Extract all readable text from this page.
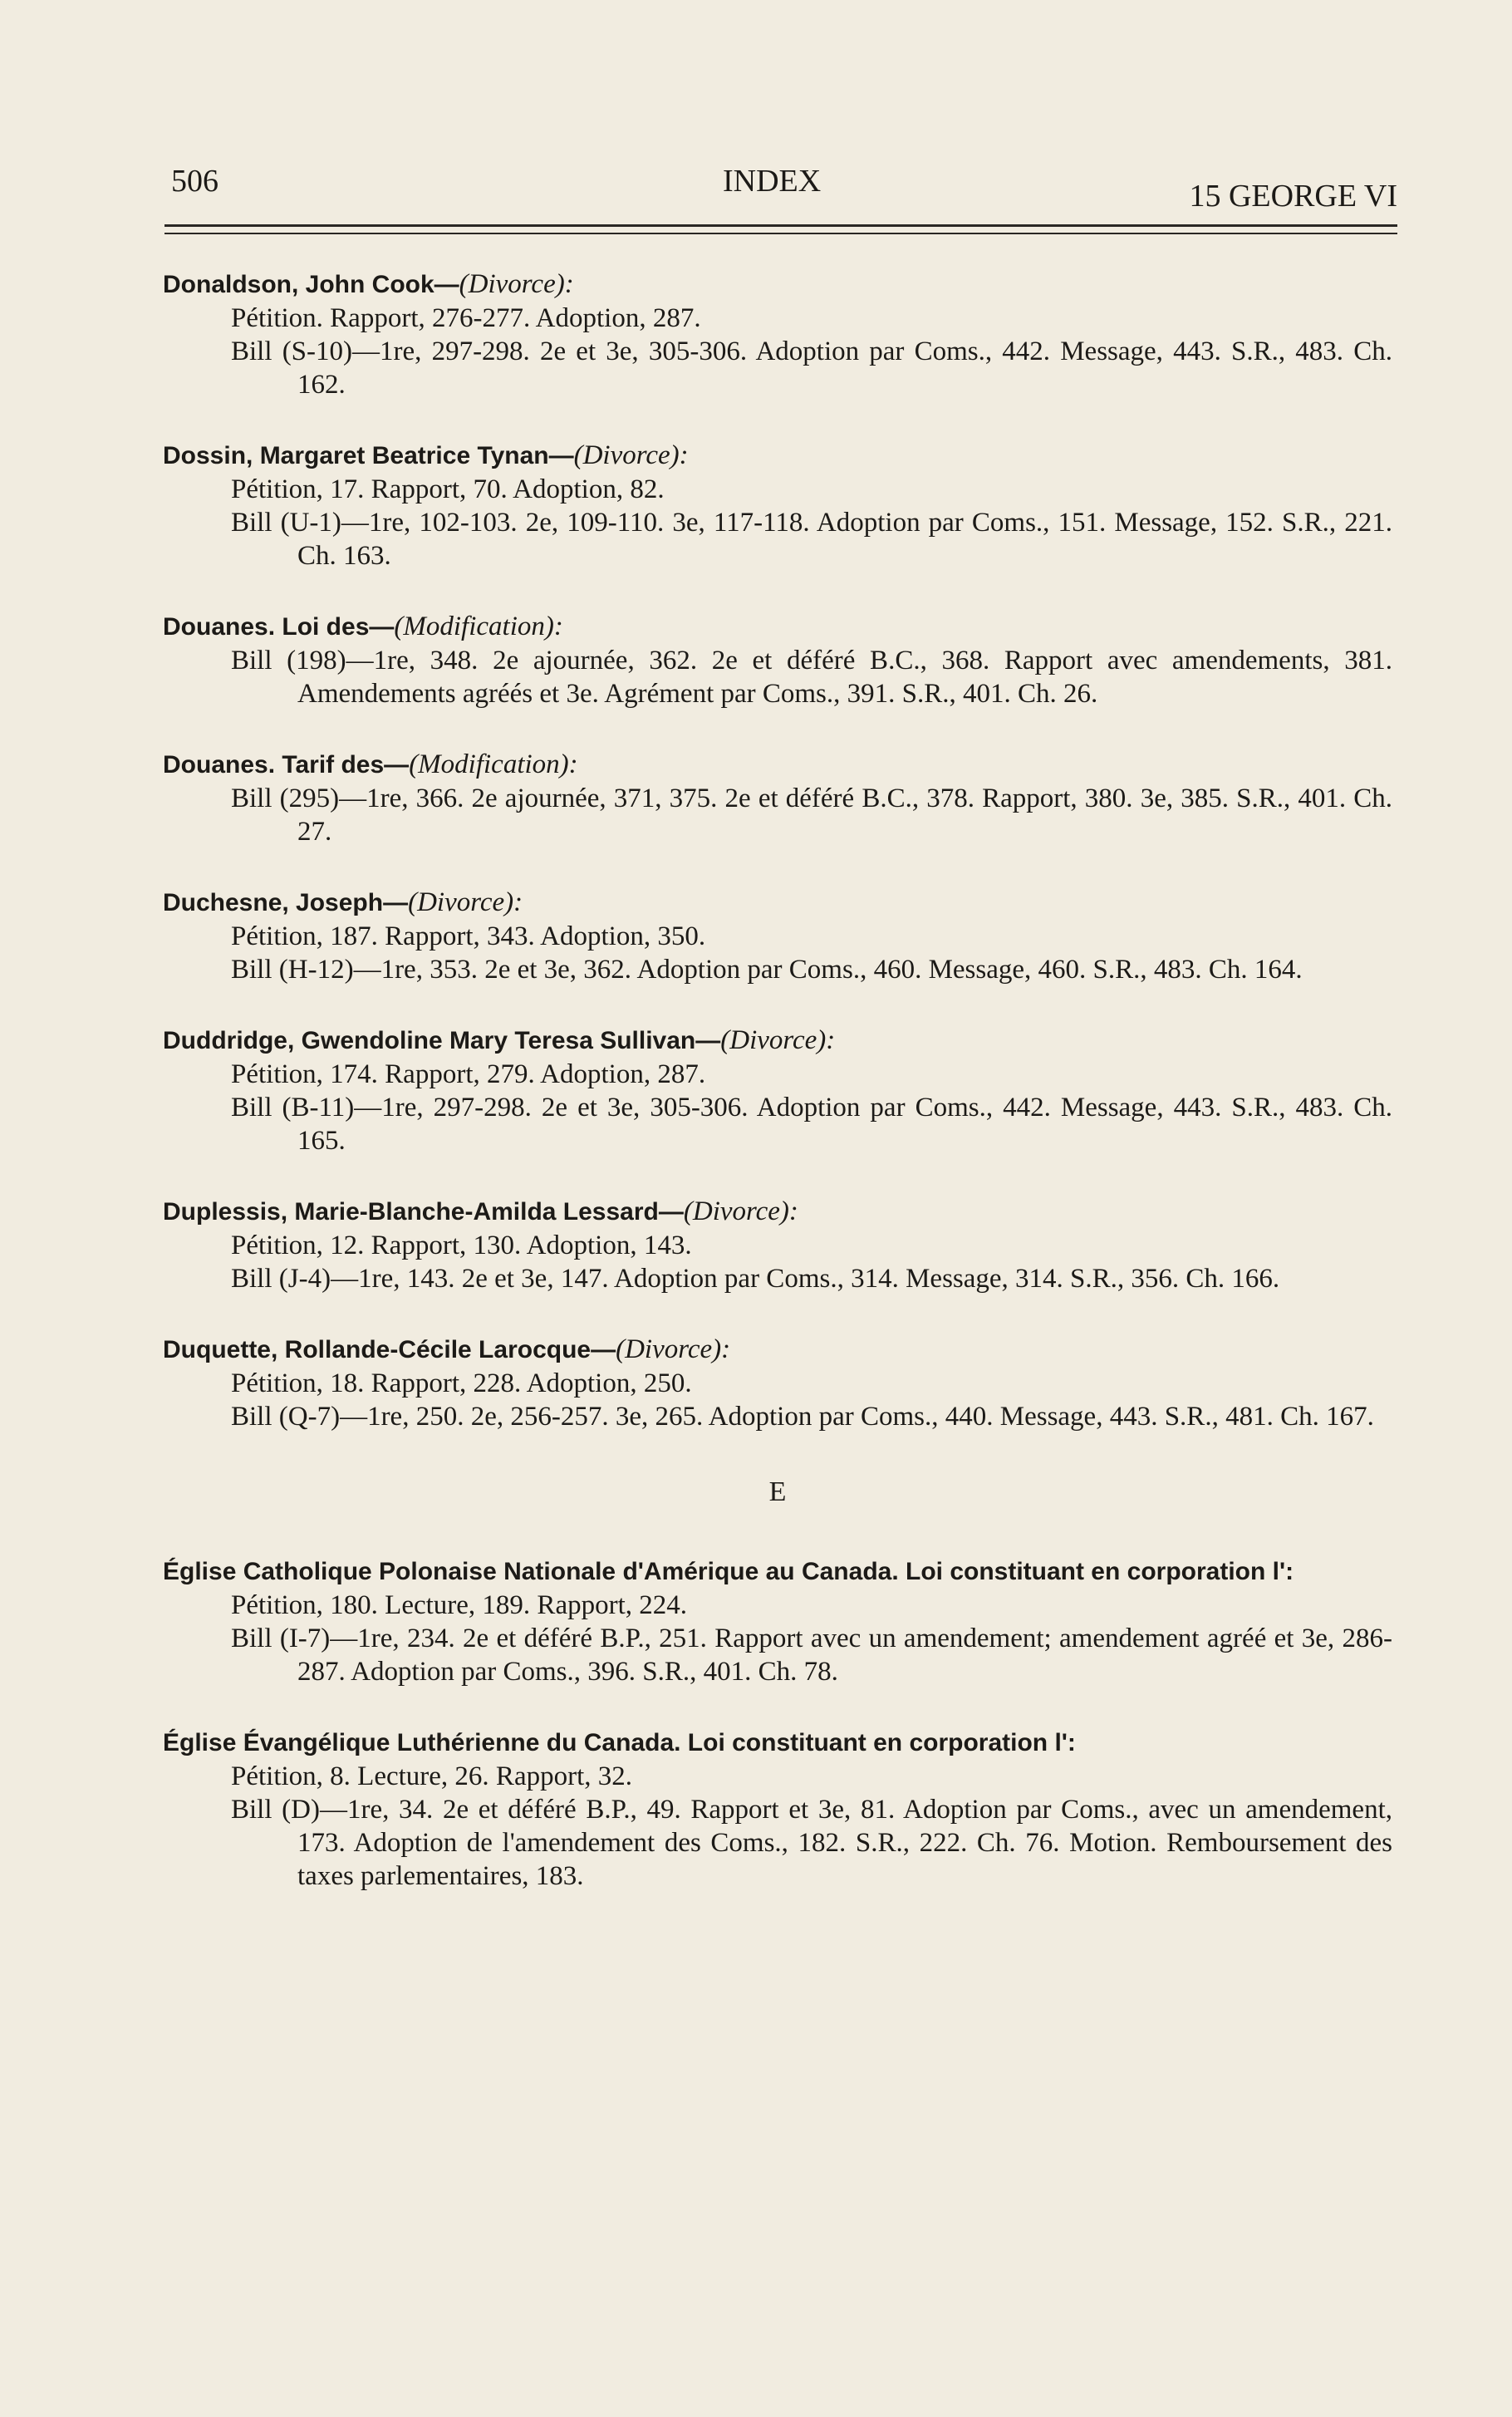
506	INDEX	15 GEORGE VI
Donaldson, John Cook—(Divorce):
Pétition. Rapport, 276-277. Adoption, 287.
Bill (S-10)—1re, 297-298. 2e et 3e, 305-306. Adoption par Coms., 442. Message, 443. S.R., 483. Ch. 162.
Dossin, Margaret Beatrice Tynan—(Divorce):
Pétition, 17. Rapport, 70. Adoption, 82.
Bill (U-1)—1re, 102-103. 2e, 109-110. 3e, 117-118. Adoption par Coms., 151. Message, 152. S.R., 221. Ch. 163.
Douanes. Loi des—(Modification):
Bill (198)—1re, 348. 2e ajournée, 362. 2e et déféré B.C., 368. Rapport avec amendements, 381. Amendements agréés et 3e. Agrément par Coms., 391. S.R., 401. Ch. 26.
Douanes. Tarif des—(Modification):
Bill (295)—1re, 366. 2e ajournée, 371, 375. 2e et déféré B.C., 378. Rapport, 380. 3e, 385. S.R., 401. Ch. 27.
Duchesne, Joseph—(Divorce):
Pétition, 187. Rapport, 343. Adoption, 350.
Bill (H-12)—1re, 353. 2e et 3e, 362. Adoption par Coms., 460. Message, 460. S.R., 483. Ch. 164.
Duddridge, Gwendoline Mary Teresa Sullivan—(Divorce):
Pétition, 174. Rapport, 279. Adoption, 287.
Bill (B-11)—1re, 297-298. 2e et 3e, 305-306. Adoption par Coms., 442. Message, 443. S.R., 483. Ch. 165.
Duplessis, Marie-Blanche-Amilda Lessard—(Divorce):
Pétition, 12. Rapport, 130. Adoption, 143.
Bill (J-4)—1re, 143. 2e et 3e, 147. Adoption par Coms., 314. Message, 314. S.R., 356. Ch. 166.
Duquette, Rollande-Cécile Larocque—(Divorce):
Pétition, 18. Rapport, 228. Adoption, 250.
Bill (Q-7)—1re, 250. 2e, 256-257. 3e, 265. Adoption par Coms., 440. Message, 443. S.R., 481. Ch. 167.
E
Église Catholique Polonaise Nationale d'Amérique au Canada. Loi constituant en corporation l':
Pétition, 180. Lecture, 189. Rapport, 224.
Bill (I-7)—1re, 234. 2e et déféré B.P., 251. Rapport avec un amendement; amendement agréé et 3e, 286-287. Adoption par Coms., 396. S.R., 401. Ch. 78.
Église Évangélique Luthérienne du Canada. Loi constituant en corporation l':
Pétition, 8. Lecture, 26. Rapport, 32.
Bill (D)—1re, 34. 2e et déféré B.P., 49. Rapport et 3e, 81. Adoption par Coms., avec un amendement, 173. Adoption de l'amendement des Coms., 182. S.R., 222. Ch. 76. Motion. Remboursement des taxes parlementaires, 183.
